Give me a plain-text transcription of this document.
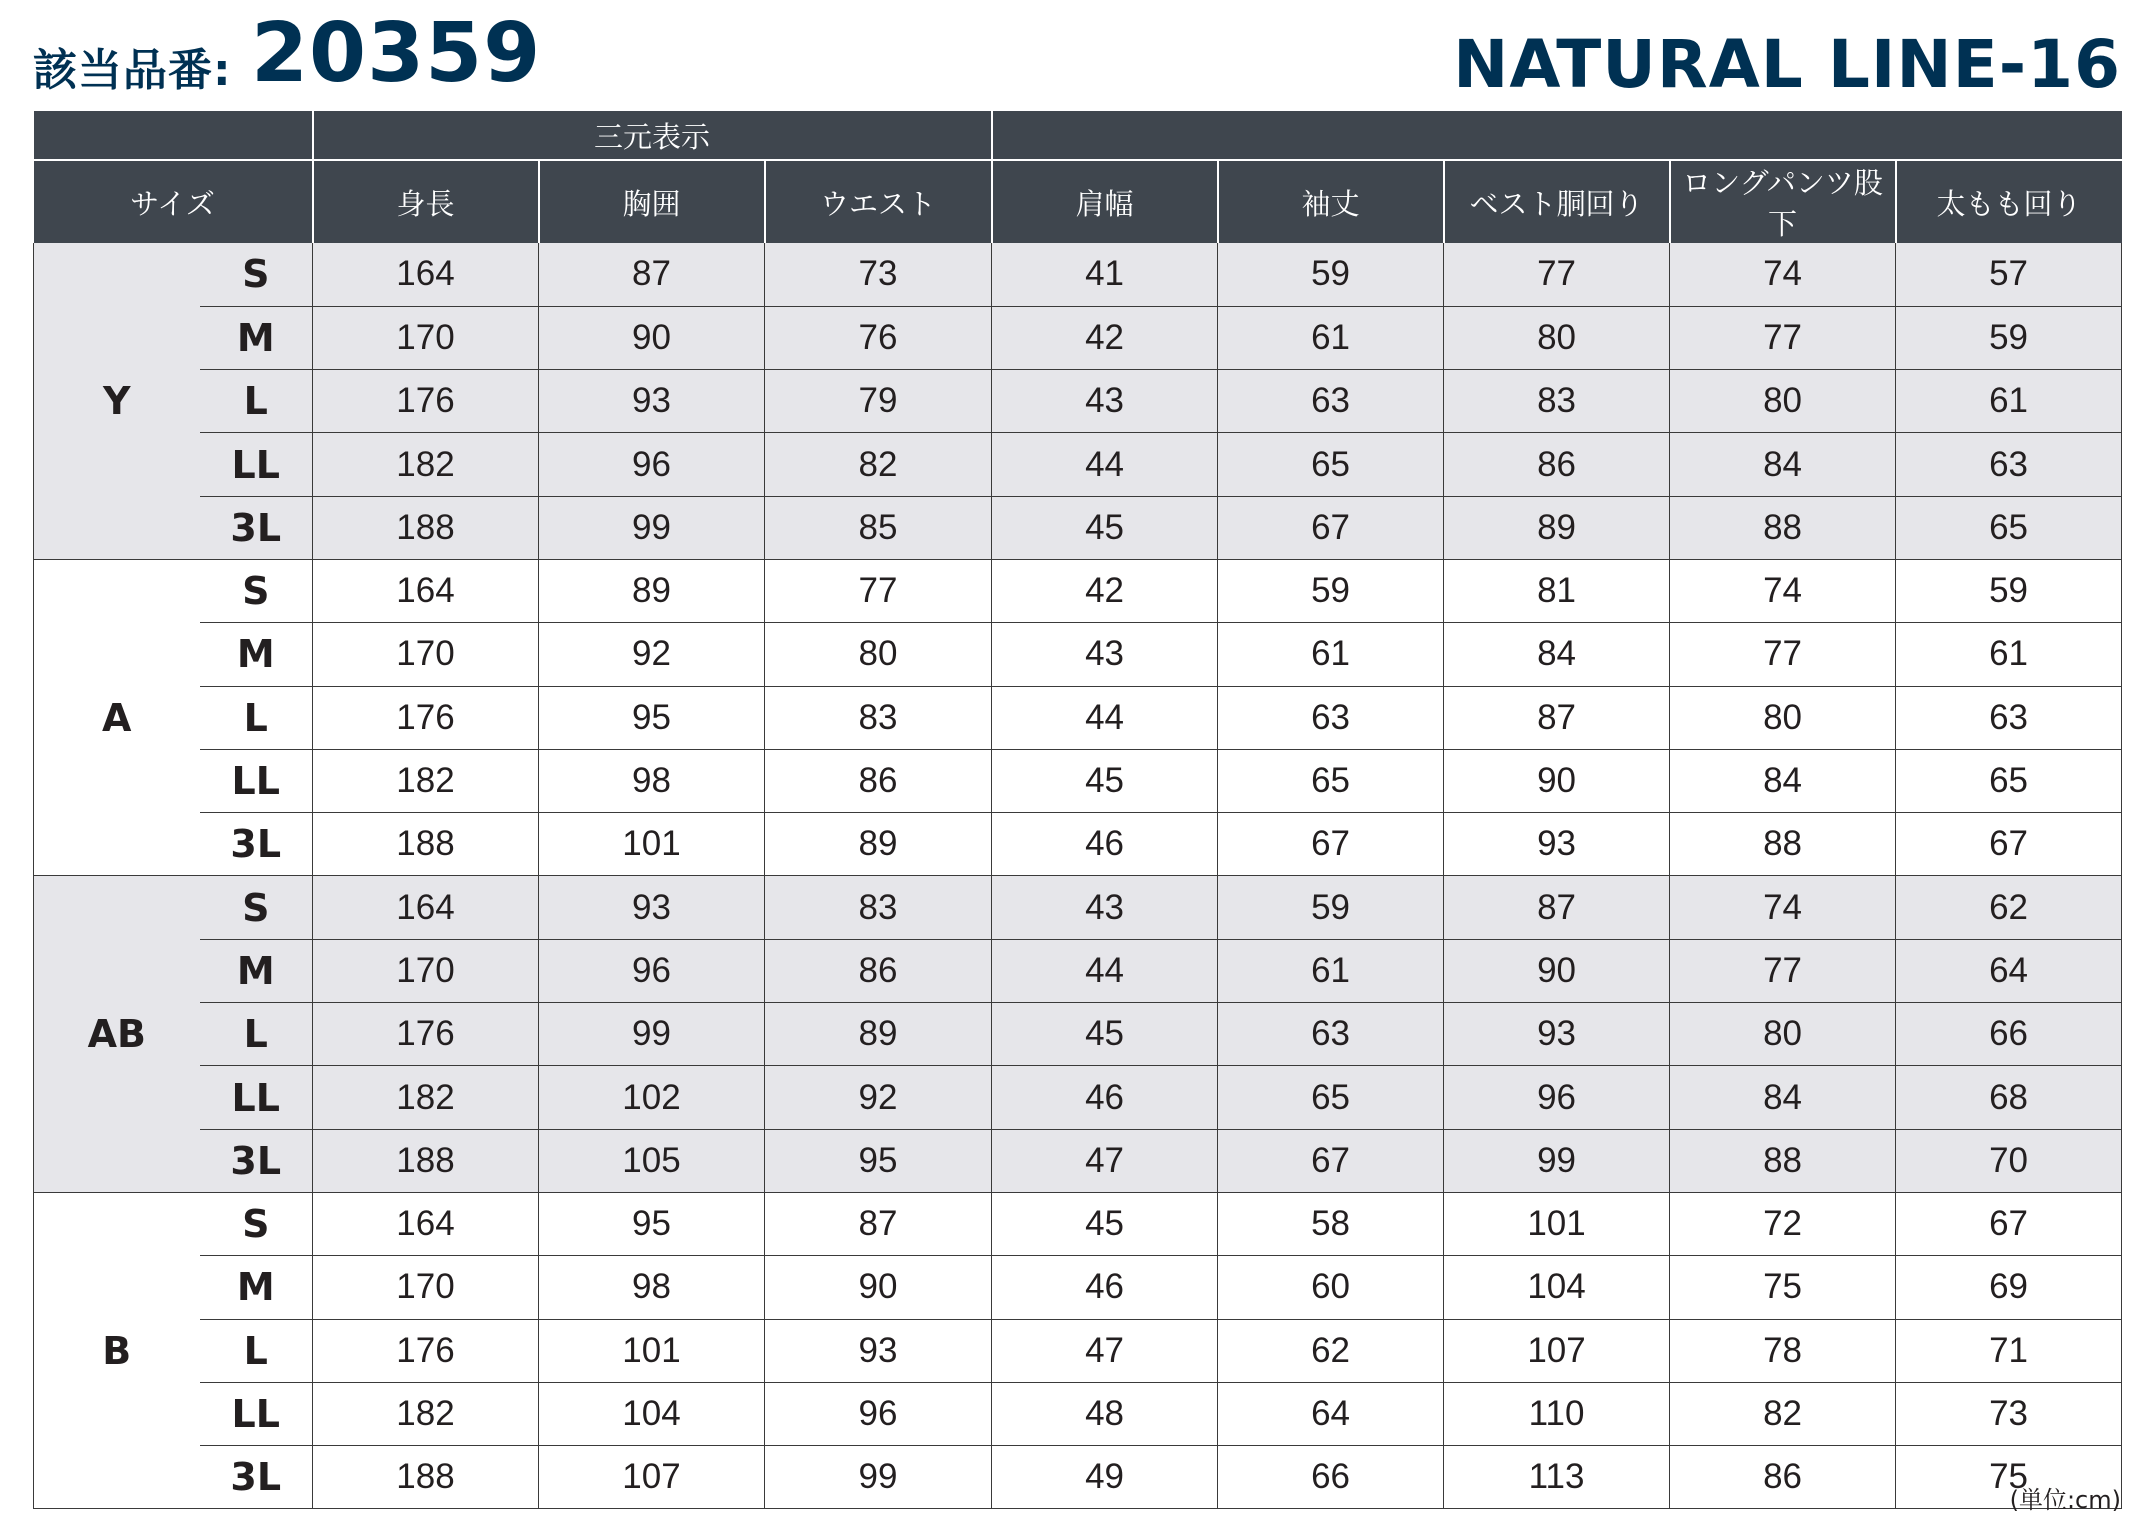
該当品番: 20359	NATURAL LINE-16
		三元表示							
サイズ		身長	胸囲	ウエスト	肩幅	袖丈	ベスト胴回り	ロングパンツ股下	太もも回り
Y	S	164	87	73	41	59	77	74	57
	M	170	90	76	42	61	80	77	59
	L	176	93	79	43	63	83	80	61
	LL	182	96	82	44	65	86	84	63
	3L	188	99	85	45	67	89	88	65
A	S	164	89	77	42	59	81	74	59
	M	170	92	80	43	61	84	77	61
	L	176	95	83	44	63	87	80	63
	LL	182	98	86	45	65	90	84	65
	3L	188	101	89	46	67	93	88	67
AB	S	164	93	83	43	59	87	74	62
	M	170	96	86	44	61	90	77	64
	L	176	99	89	45	63	93	80	66
	LL	182	102	92	46	65	96	84	68
	3L	188	105	95	47	67	99	88	70
B	S	164	95	87	45	58	101	72	67
	M	170	98	90	46	60	104	75	69
	L	176	101	93	47	62	107	78	71
	LL	182	104	96	48	64	110	82	73
	3L	188	107	99	49	66	113	86	75
(単位:cm)
